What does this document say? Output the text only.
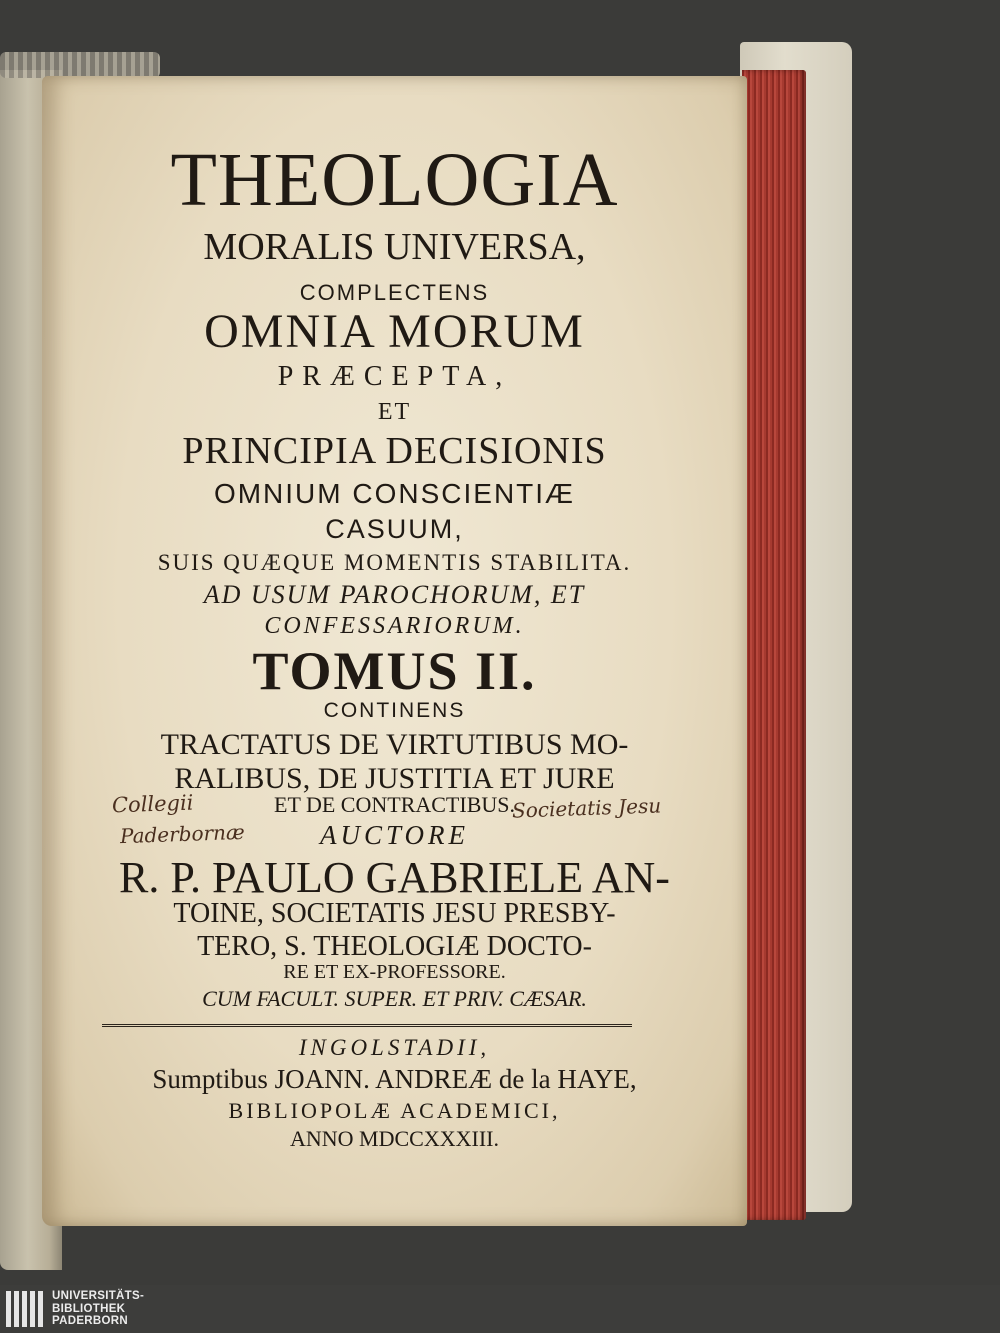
THEOLOGIA
MORALIS UNIVERSA,
COMPLECTENS
OMNIA MORUM
PRÆCEPTA,
ET
PRINCIPIA DECISIONIS
OMNIUM CONSCIENTIÆ
CASUUM,
SUIS QUÆQUE MOMENTIS STABILITA.
AD USUM PAROCHORUM, ET
CONFESSARIORUM.
TOMUS II.
CONTINENS
TRACTATUS DE VIRTUTIBUS MO-
RALIBUS, DE JUSTITIA ET JURE
ET DE CONTRACTIBUS.
AUCTORE
R. P. PAULO GABRIELE AN-
TOINE, SOCIETATIS JESU PRESBY-
TERO, S. THEOLOGIÆ DOCTO-
RE ET EX-PROFESSORE.
CUM FACULT. SUPER. ET PRIV. CÆSAR.
INGOLSTADII,
Sumptibus JOANN. ANDREÆ de la HAYE,
BIBLIOPOLÆ ACADEMICI,
ANNO MDCCXXXIII.
Collegii	Societatis Jesu
Paderbornæ
UNIVERSITÄTS-
BIBLIOTHEK
PADERBORN
